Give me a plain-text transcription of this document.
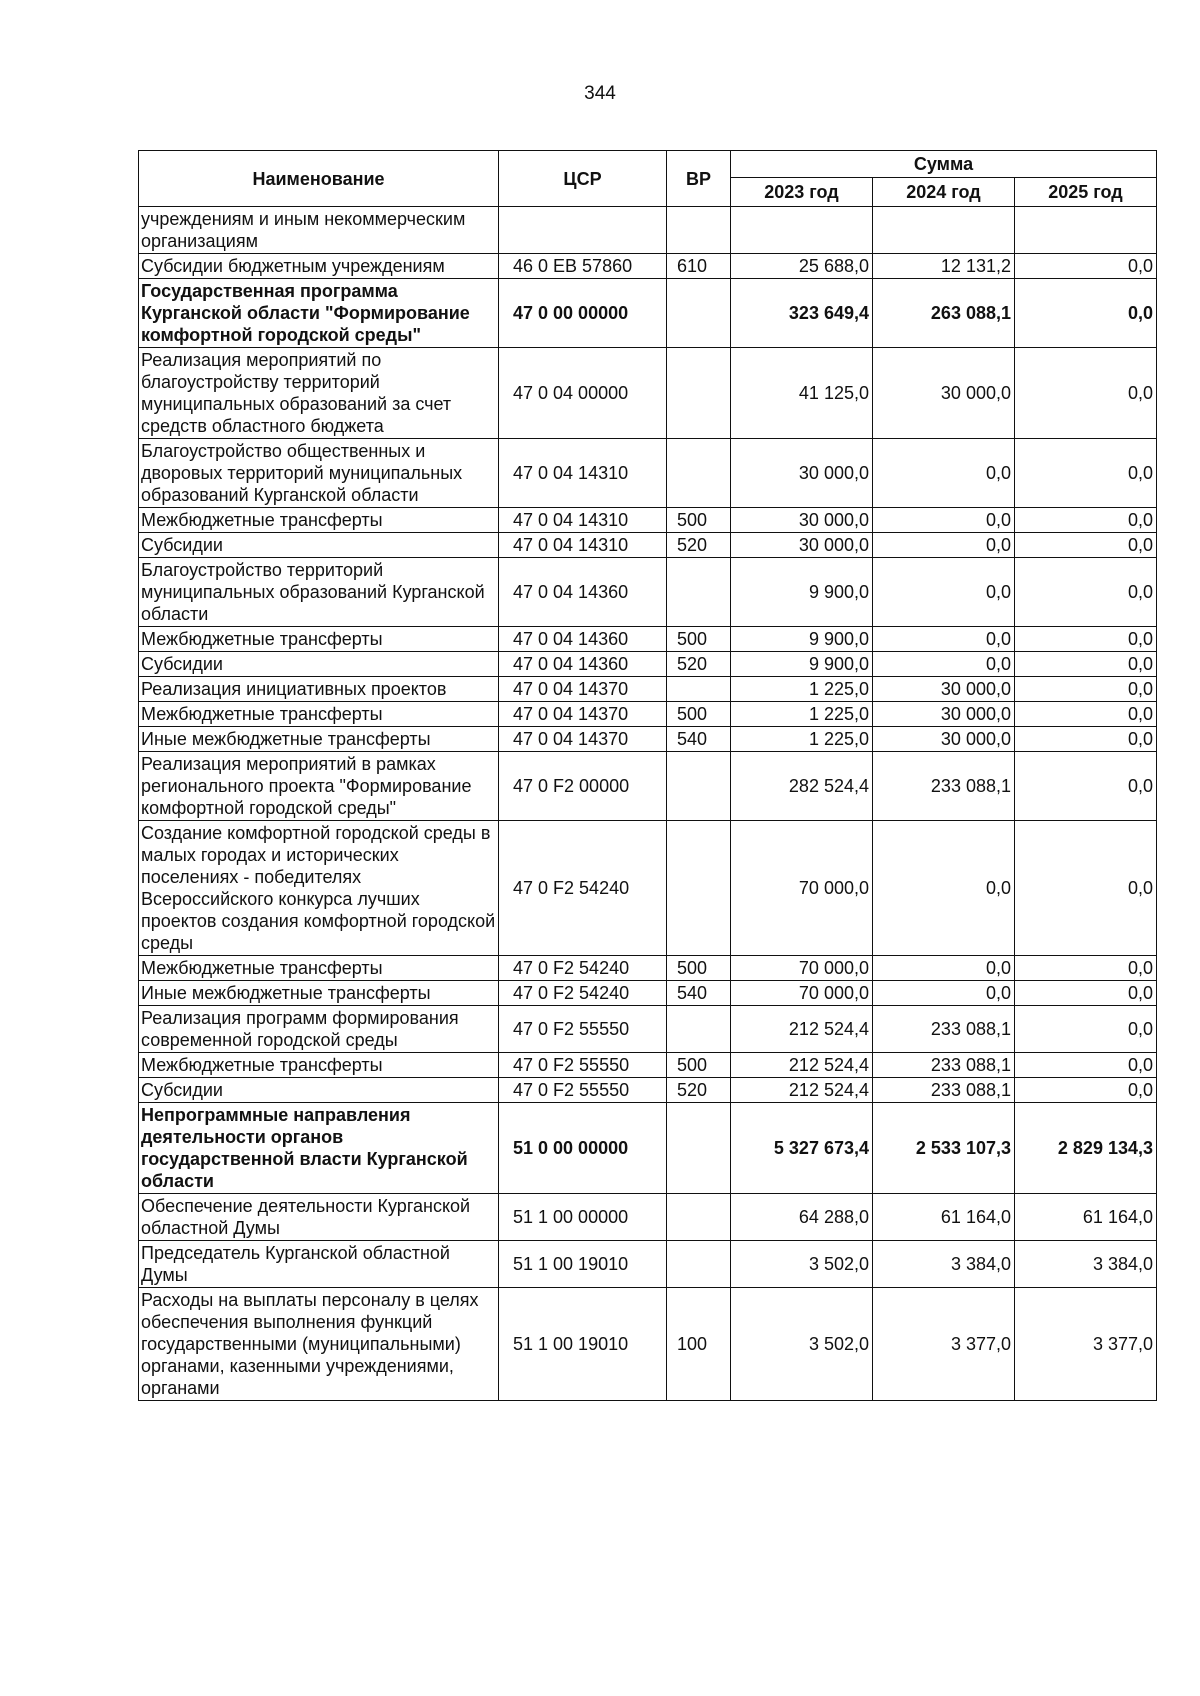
344
Наименование	ЦСР	ВР	Сумма		
			2023 год	2024 год	2025 год
учреждениям и иным некоммерческим организациям					
Субсидии бюджетным учреждениям	46 0 EB 57860	610	25 688,0	12 131,2	0,0
Государственная программа Курганской области "Формирование комфортной городской среды"	47 0 00 00000		323 649,4	263 088,1	0,0
Реализация мероприятий по благоустройству территорий муниципальных образований за счет средств областного бюджета	47 0 04 00000		41 125,0	30 000,0	0,0
Благоустройство общественных и дворовых территорий муниципальных образований Курганской области	47 0 04 14310		30 000,0	0,0	0,0
Межбюджетные трансферты	47 0 04 14310	500	30 000,0	0,0	0,0
Субсидии	47 0 04 14310	520	30 000,0	0,0	0,0
Благоустройство территорий муниципальных образований Курганской области	47 0 04 14360		9 900,0	0,0	0,0
Межбюджетные трансферты	47 0 04 14360	500	9 900,0	0,0	0,0
Субсидии	47 0 04 14360	520	9 900,0	0,0	0,0
Реализация инициативных проектов	47 0 04 14370		1 225,0	30 000,0	0,0
Межбюджетные трансферты	47 0 04 14370	500	1 225,0	30 000,0	0,0
Иные межбюджетные трансферты	47 0 04 14370	540	1 225,0	30 000,0	0,0
Реализация мероприятий в рамках регионального проекта "Формирование комфортной городской среды"	47 0 F2 00000		282 524,4	233 088,1	0,0
Создание комфортной городской среды в малых городах и исторических поселениях - победителях Всероссийского конкурса лучших проектов создания комфортной городской среды	47 0 F2 54240		70 000,0	0,0	0,0
Межбюджетные трансферты	47 0 F2 54240	500	70 000,0	0,0	0,0
Иные межбюджетные трансферты	47 0 F2 54240	540	70 000,0	0,0	0,0
Реализация программ формирования современной городской среды	47 0 F2 55550		212 524,4	233 088,1	0,0
Межбюджетные трансферты	47 0 F2 55550	500	212 524,4	233 088,1	0,0
Субсидии	47 0 F2 55550	520	212 524,4	233 088,1	0,0
Непрограммные направления деятельности органов государственной власти Курганской области	51 0 00 00000		5 327 673,4	2 533 107,3	2 829 134,3
Обеспечение деятельности Курганской областной Думы	51 1 00 00000		64 288,0	61 164,0	61 164,0
Председатель Курганской областной Думы	51 1 00 19010		3 502,0	3 384,0	3 384,0
Расходы на выплаты персоналу в целях обеспечения выполнения функций государственными (муниципальными) органами, казенными учреждениями, органами	51 1 00 19010	100	3 502,0	3 377,0	3 377,0
